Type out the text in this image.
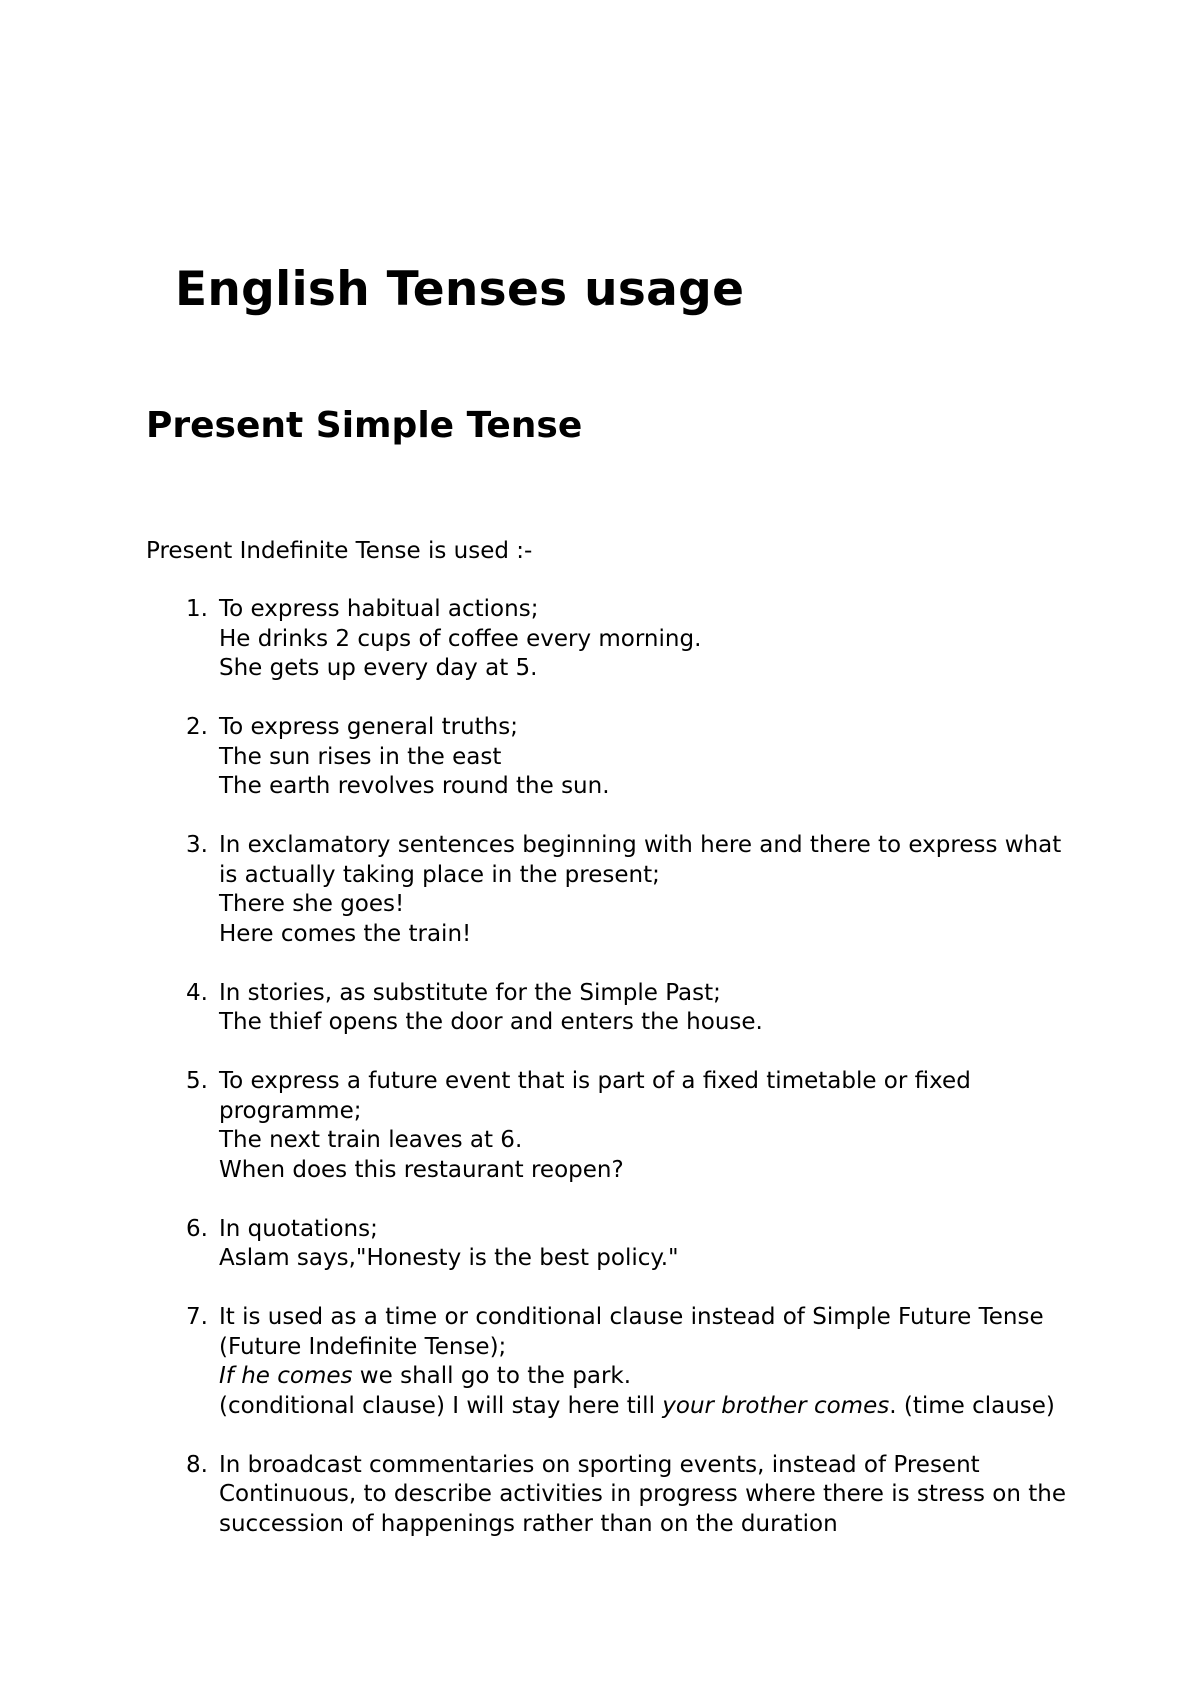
English Tenses usage
Present Simple Tense

Present Indefinite Tense is used :-

1. To express habitual actions;
He drinks 2 cups of coffee every morning.
She gets up every day at 5.
2. To express general truths;
The sun rises in the east
The earth revolves round the sun.
3. In exclamatory sentences beginning with here and there to express what is actually taking place in the present;
There she goes!
Here comes the train!
4. In stories, as substitute for the Simple Past;
The thief opens the door and enters the house.
5. To express a future event that is part of a fixed timetable or fixed programme;
The next train leaves at 6.
When does this restaurant reopen?
6. In quotations;
Aslam says,"Honesty is the best policy."
7. It is used as a time or conditional clause instead of Simple Future Tense (Future Indefinite Tense);
If he comes we shall go to the park.
(conditional clause) I will stay here till your brother comes. (time clause)
8. In broadcast commentaries on sporting events, instead of Present Continuous, to describe activities in progress where there is stress on the succession of happenings rather than on the duration
